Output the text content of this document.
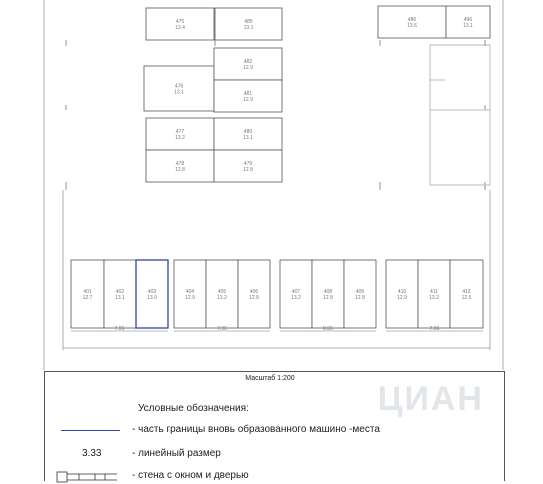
475
13.4
485
13.1
486
13.6
496
13.1
476
13.1
482
12.9
481
12.9
477
13.2
480
13.1
478
12.8
479
12.8
401
12.7
402
13.1
403
13.0
404
12.9
405
13.2
406
12.8
407
13.2
408
12.8
409
12.8
410
12.9
411
13.2
412
12.5
7.96	7.96	8.06	7.96
Масштаб 1:200
ЦИАН
Условные обозначения:
- часть границы вновь образованного машино -места
3.33	- линейный размер
- стена с окном и дверью
